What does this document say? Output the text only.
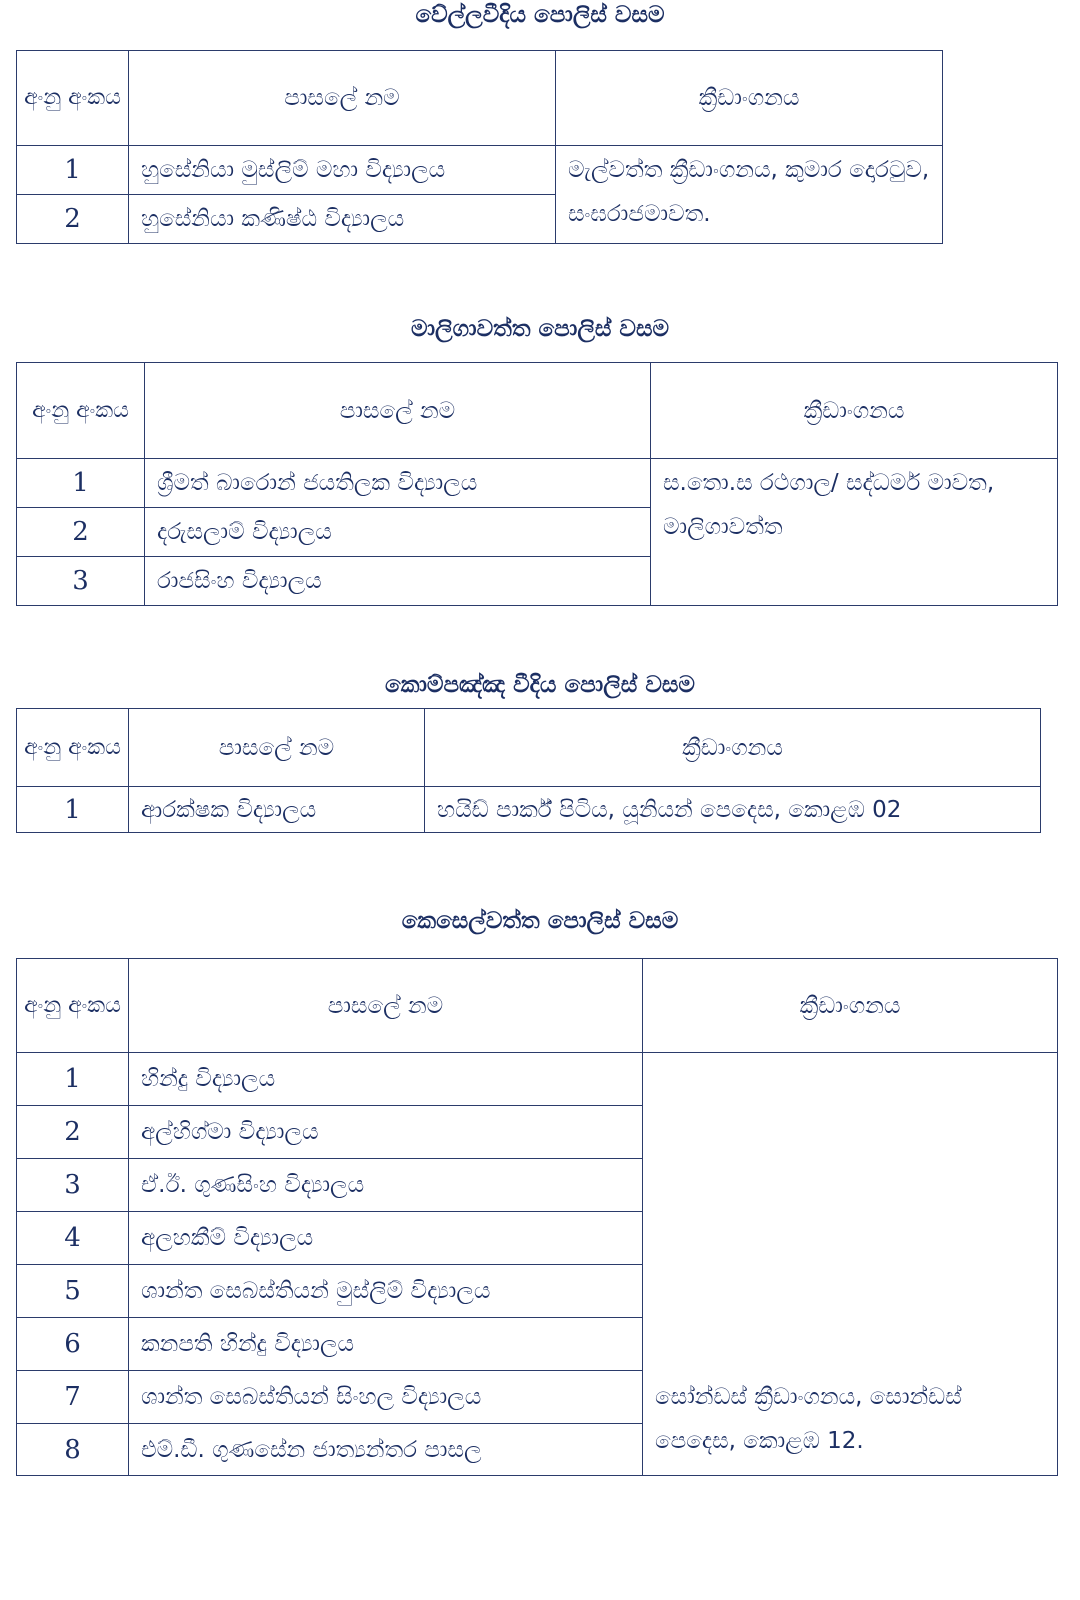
වේල්ලවීදිය පොලිස් වසම
අංනු අංකය	පාසලේ නම	ක්‍රීඩාංගනය
1	හුසේනියා මුස්ලිම් මහා විද්‍යාලය	මැල්වත්ත ක්‍රීඩාංගනය, කුමාර දොරටුව, සංඝරාජමාවත.
2	හුසේනියා කණිෂ්ඨ විද්‍යාලය	
මාලිගාවත්ත පොලිස් වසම
අංනු අංකය	පාසලේ නම	ක්‍රීඩාංගනය
1	ශ්‍රීමත් බාරොන් ජයතිලක විද්‍යාලය	ස.තො.ස රථගාල/ සද්ධර්ම මාවත, මාලිගාවත්ත
2	දරුසලාම් විද්‍යාලය	
3	රාජසිංහ විද්‍යාලය	
කොම්පඤ්ඤ වීදිය පොලිස් වසම
අංනු අංකය	පාසලේ නම	ක්‍රීඩාංගනය
1	ආරක්ෂක විද්‍යාලය	හයිඩ් පාර්ක් පිටිය, යූනියන් පෙදෙස, කොළඹ 02
කෙසෙල්වත්ත පොලිස් වසම
අංනු අංකය	පාසලේ නම	ක්‍රීඩාංගනය
1	හින්දු විද්‍යාලය	සෝන්ඩස් ක්‍රීඩාංගනය, සොන්ඩස් පෙදෙස, කොළඹ 12.
2	අල්හිග්මා විද්‍යාලය	
3	ඒ.ඊ. ගුණසිංහ විද්‍යාලය	
4	අලහකීම් විද්‍යාලය	
5	ශාන්ත සෙබස්තියන් මුස්ලිම් විද්‍යාලය	
6	කනපති හින්දු විද්‍යාලය	
7	ශාන්ත සෙබස්තියන් සිංහල විද්‍යාලය	
8	එම්.ඩී. ගුණසේන ජාත්‍යන්තර පාසල	
